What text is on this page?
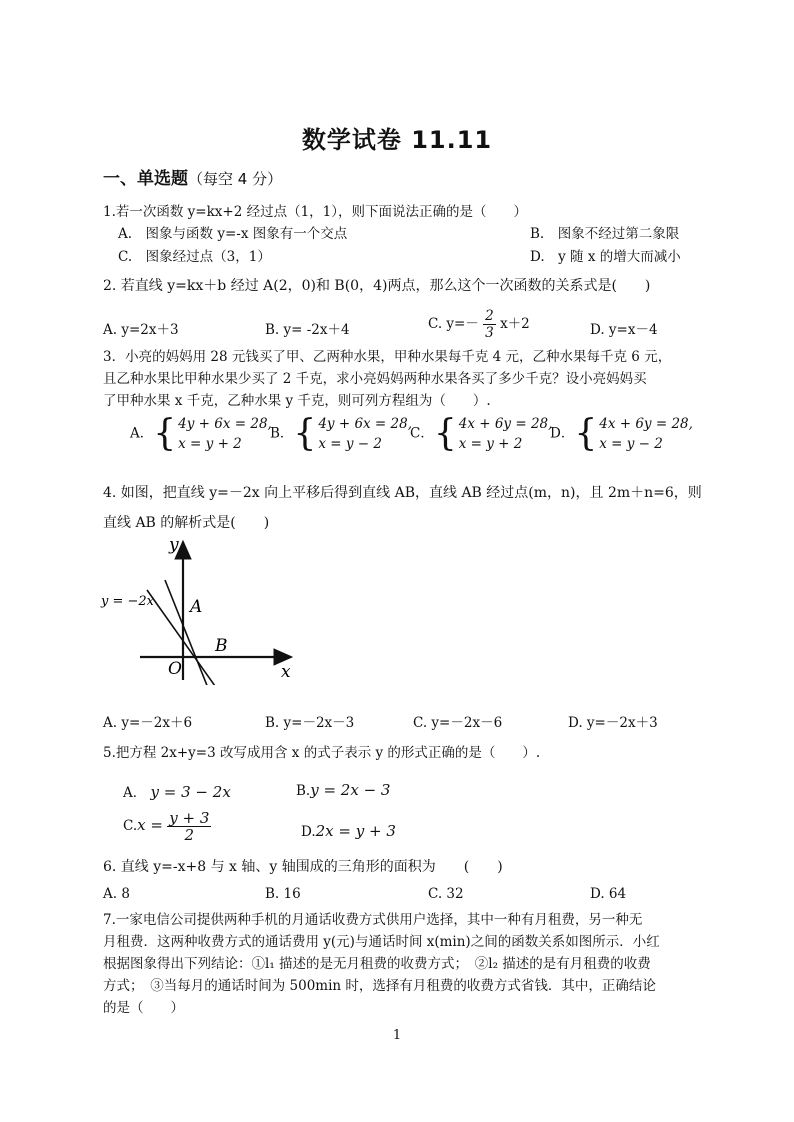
数学试卷 11.11
一、单选题（每空 4 分）
1.若一次函数 y=kx+2 经过点（1，1），则下面说法正确的是（　　）
A.　图象与函数 y=-x 图象有一个交点	B.　图象不经过第二象限
C.　图象经过点（3，1）	D.　y 随 x 的增大而减小
2. 若直线 y=kx＋b 经过 A(2，0)和 B(0，4)两点，那么这个一次函数的关系式是(　　)
A. y=2x＋3	B. y= -2x＋4	C. $y=- \frac{2}{3} x+2$	D. y=x－4
3．小亮的妈妈用 28 元钱买了甲、乙两种水果，甲种水果每千克 4 元，乙种水果每千克 6 元，
且乙种水果比甲种水果少买了 2 千克，求小亮妈妈两种水果各买了多少千克？设小亮妈妈买
了甲种水果 x 千克，乙种水果 y 千克，则可列方程组为（　　）.
A．{ 4y + 6x = 28,
x = y + 2
B．{ 4y + 6x = 28,
x = y − 2
C．{ 4x + 6y = 28,
x = y + 2
D．{ 4x + 6y = 28,
x = y − 2
4. 如图，把直线 y=－2x 向上平移后得到直线 AB，直线 AB 经过点(m，n)，且 2m＋n=6，则
直线 AB 的解析式是(　　)
y
x
O
A
B
y = −2x
A. y=－2x＋6	B. y=－2x－3	C. y=－2x－6	D. y=－2x＋3
5.把方程 2x+y=3 改写成用含 x 的式子表示 y 的形式正确的是（　　）.
A． y = 3 − 2x	B.y = 2x − 3
$C.x = \frac{y + 3}{2}$	D.2x = y + 3
6. 直线 y=-x+8 与 x 轴、y 轴围成的三角形的面积为　　(　　)
A. 8	B. 16	C. 32	D. 64
7.一家电信公司提供两种手机的月通话收费方式供用户选择，其中一种有月租费，另一种无
月租费．这两种收费方式的通话费用 y(元)与通话时间 x(min)之间的函数关系如图所示．小红
根据图象得出下列结论：①l₁ 描述的是无月租费的收费方式；　②l₂ 描述的是有月租费的收费
方式；　③当每月的通话时间为 500min 时，选择有月租费的收费方式省钱．其中，正确结论
的是（　　）
1
